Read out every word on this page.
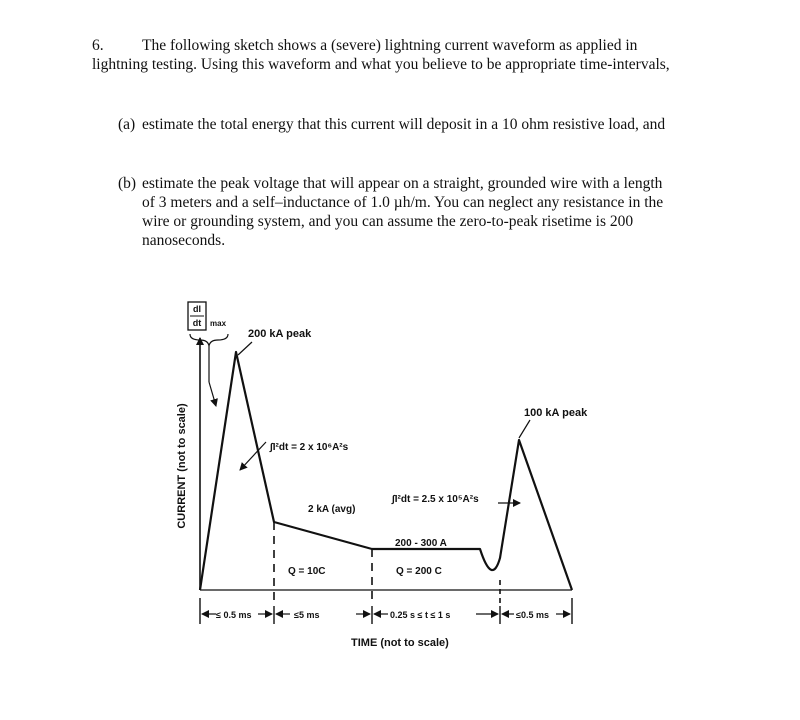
6. The following sketch shows a (severe) lightning current waveform as applied in lightning testing. Using this waveform and what you believe to be appropriate time-intervals,
(a) estimate the total energy that this current will deposit in a 10 ohm resistive load, and
(b) estimate the peak voltage that will appear on a straight, grounded wire with a length of 3 meters and a self–inductance of 1.0 µh/m. You can neglect any resistance in the wire or grounding system, and you can assume the zero-to-peak risetime is 200 nanoseconds.
dI
dt max
200 kA peak
∫I²dt = 2 x 10⁶A²s
2 kA (avg)
∫I²dt = 2.5 x 10⁵A²s
200 - 300 A
100 kA peak
Q = 10C	Q = 200 C
≤ 0.5 ms	≤5 ms	0.25 s ≤ t ≤ 1 s	≤0.5 ms
TIME (not to scale)
CURRENT (not to scale)
